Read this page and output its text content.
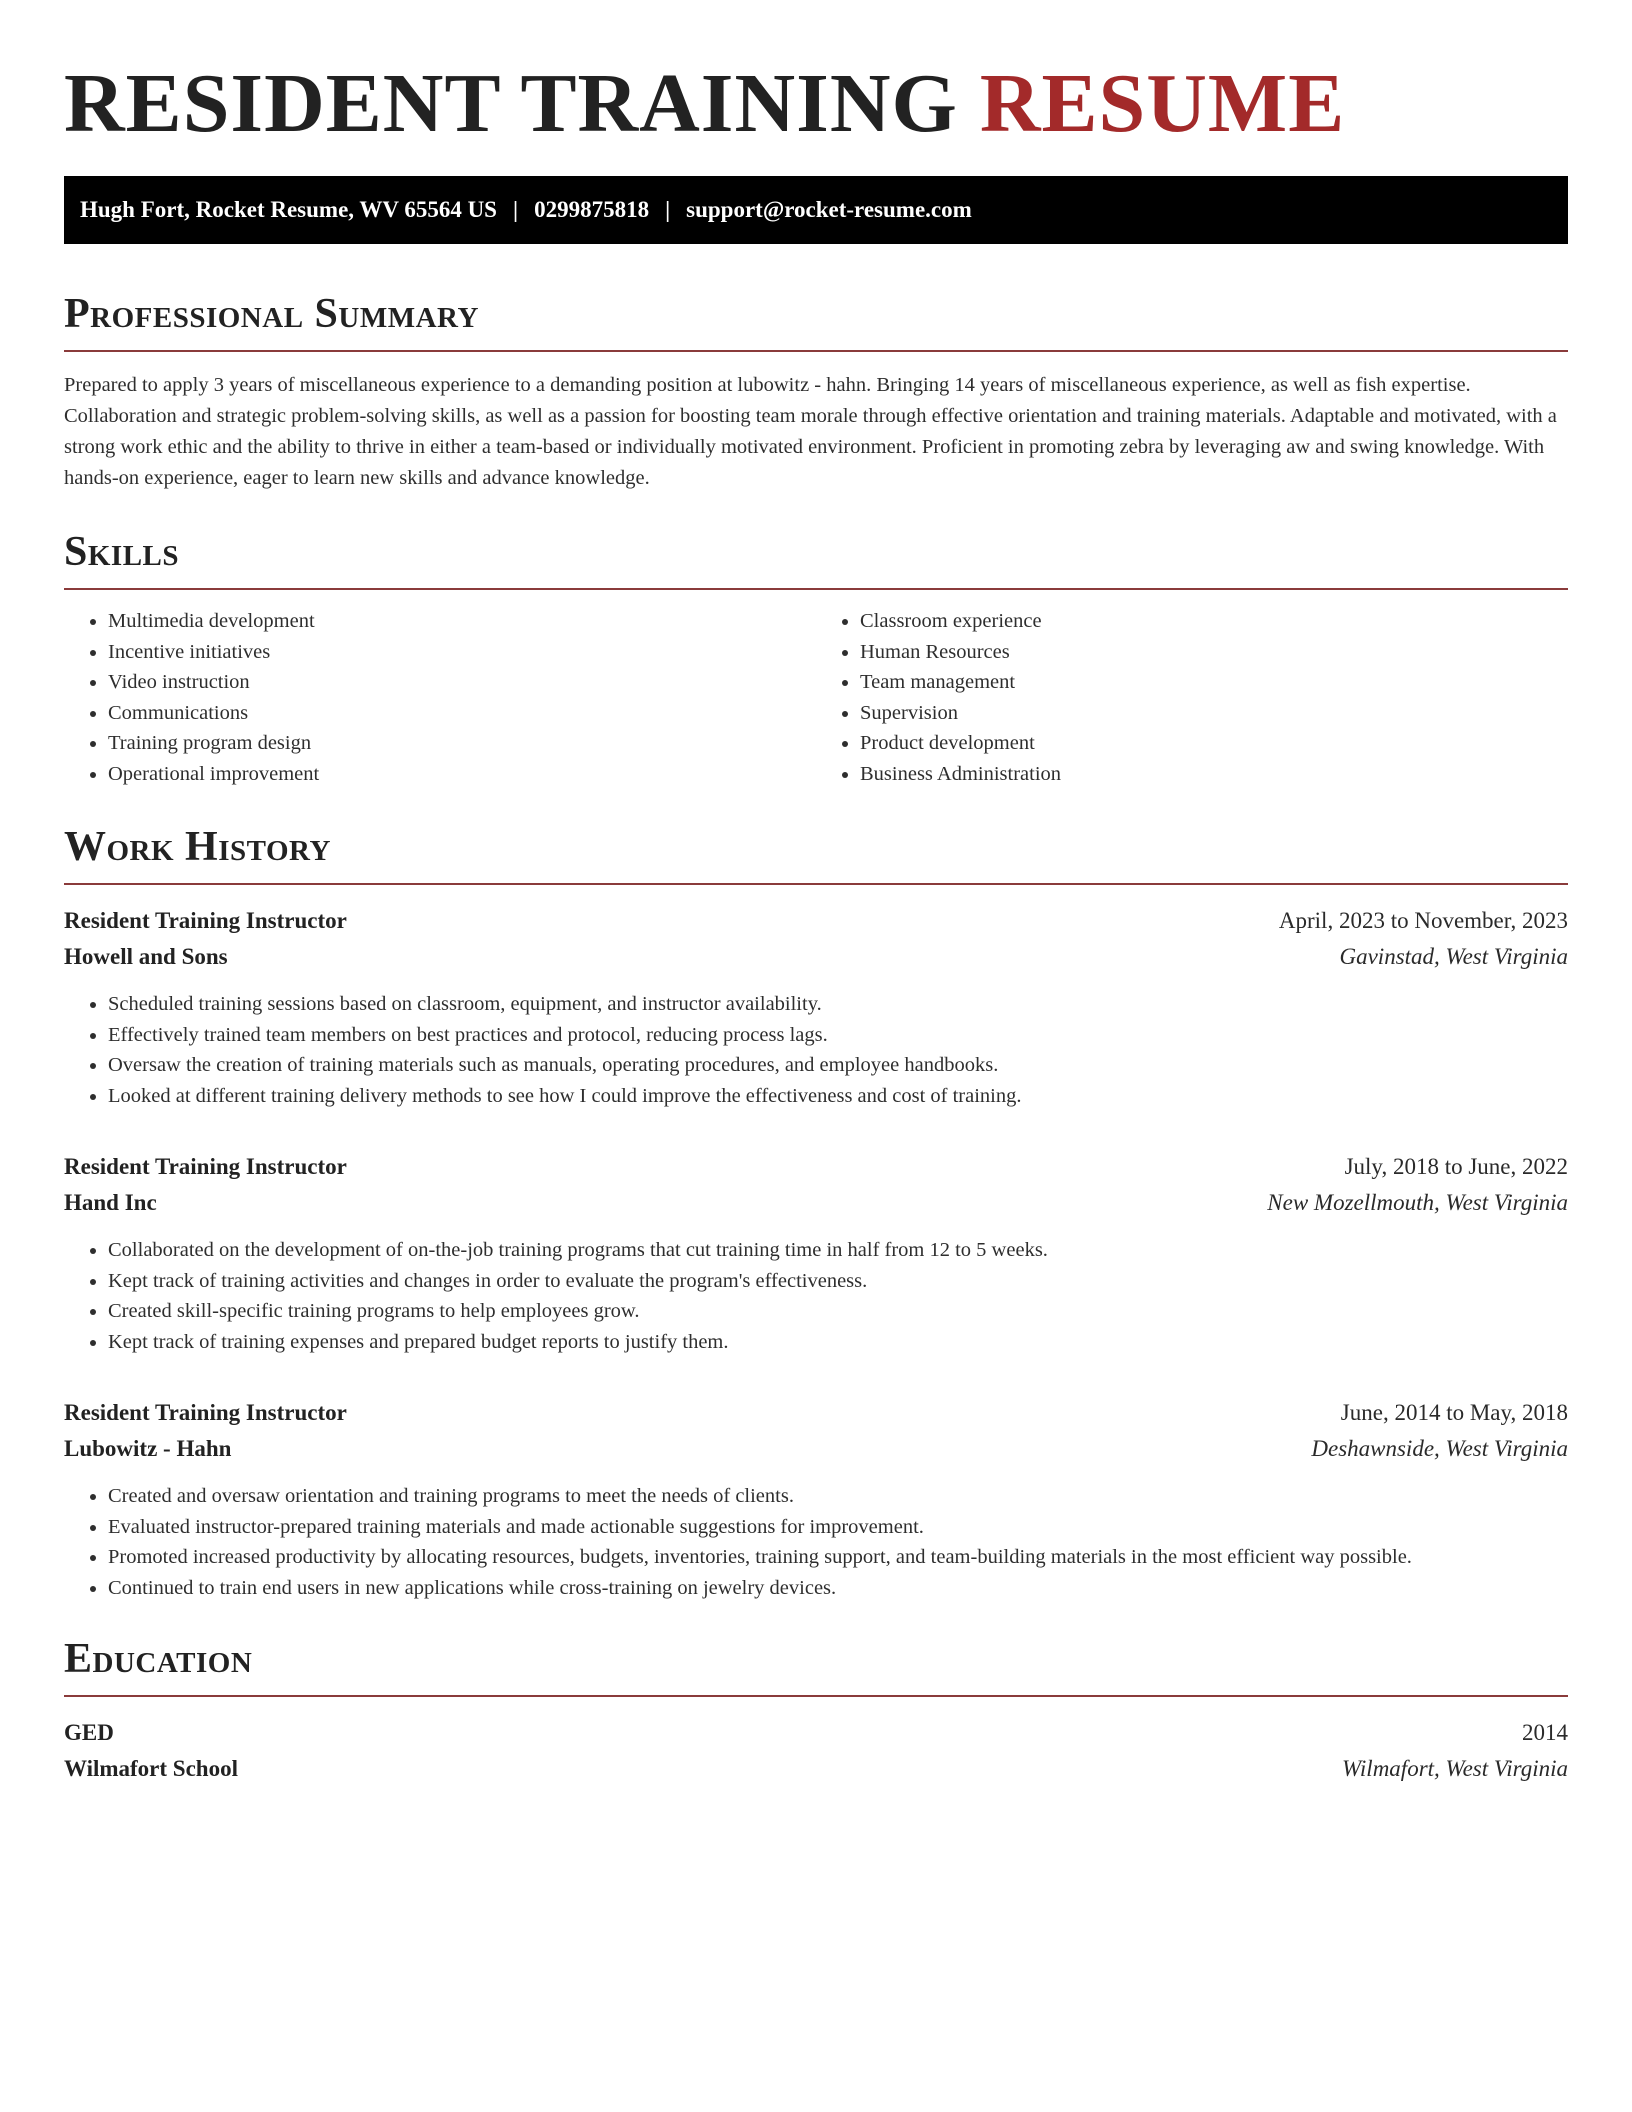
RESIDENT TRAINING RESUME
Hugh Fort, Rocket Resume, WV 65564 US | 0299875818 | support@rocket-resume.com
Professional Summary

Prepared to apply 3 years of miscellaneous experience to a demanding position at lubowitz - hahn. Bringing 14 years of miscellaneous experience, as well as fish expertise. Collaboration and strategic problem-solving skills, as well as a passion for boosting team morale through effective orientation and training materials. Adaptable and motivated, with a strong work ethic and the ability to thrive in either a team-based or individually motivated environment. Proficient in promoting zebra by leveraging aw and swing knowledge. With hands-on experience, eager to learn new skills and advance knowledge.

Skills
• Multimedia development
• Incentive initiatives
• Video instruction
• Communications
• Training program design
• Operational improvement
• Classroom experience
• Human Resources
• Team management
• Supervision
• Product development
• Business Administration
Work History
Resident Training Instructor	April, 2023 to November, 2023
Howell and Sons	Gavinstad, West Virginia
• Scheduled training sessions based on classroom, equipment, and instructor availability.
• Effectively trained team members on best practices and protocol, reducing process lags.
• Oversaw the creation of training materials such as manuals, operating procedures, and employee handbooks.
• Looked at different training delivery methods to see how I could improve the effectiveness and cost of training.
Resident Training Instructor	July, 2018 to June, 2022
Hand Inc	New Mozellmouth, West Virginia
• Collaborated on the development of on-the-job training programs that cut training time in half from 12 to 5 weeks.
• Kept track of training activities and changes in order to evaluate the program's effectiveness.
• Created skill-specific training programs to help employees grow.
• Kept track of training expenses and prepared budget reports to justify them.
Resident Training Instructor	June, 2014 to May, 2018
Lubowitz - Hahn	Deshawnside, West Virginia
• Created and oversaw orientation and training programs to meet the needs of clients.
• Evaluated instructor-prepared training materials and made actionable suggestions for improvement.
• Promoted increased productivity by allocating resources, budgets, inventories, training support, and team-building materials in the most efficient way possible.
• Continued to train end users in new applications while cross-training on jewelry devices.
Education
GED	2014
Wilmafort School	Wilmafort, West Virginia
